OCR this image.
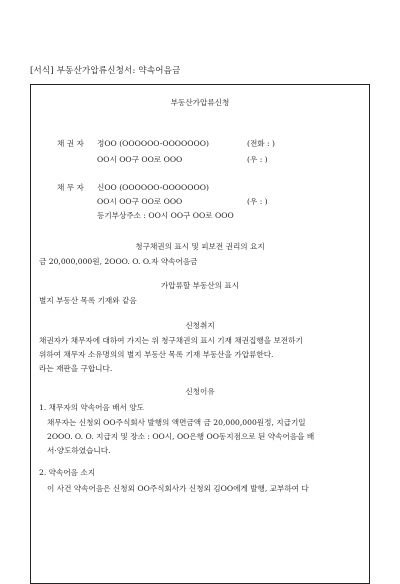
[서식] 부동산가압류신청서: 약속어음금
부동산가압류신청
채 권 자 정OO (OOOOOO-OOOOOOO)	(전화 : )
OO시 OO구 OO로 OOO	(우 : )
채 무 자 신OO (OOOOOO-OOOOOOO)
OO시 OO구 OO로 OOO	(우 : )
등기부상주소 : OO시 OO구 OO로 OOO
청구채권의 표시 및 피보전 권리의 요지
금 20,000,000원, 2OOO. O. O.자 약속어음금
가압류할 부동산의 표시
별지 부동산 목록 기재와 같음
신청취지
채권자가 채무자에 대하여 가지는 위 청구채권의 표시 기재 채권집행을 보전하기
위하여 채무자 소유명의의 별지 부동산 목록 기재 부동산을 가압류한다.
라는 재판을 구합니다.
신청이유
1. 채무자의 약속어음 배서 양도
채무자는 신청외 OO주식회사 발행의 액면금액 금 20,000,000원정, 지급기일
2OOO. O. O. 지급지 및 장소 : OO시, OO은행 OO동지점으로 된 약속어음을 배
서·양도하였습니다.
2. 약속어음 소지
이 사건 약속어음은 신청외 OO주식회사가 신청외 김OO에게 발행, 교부하여 다
